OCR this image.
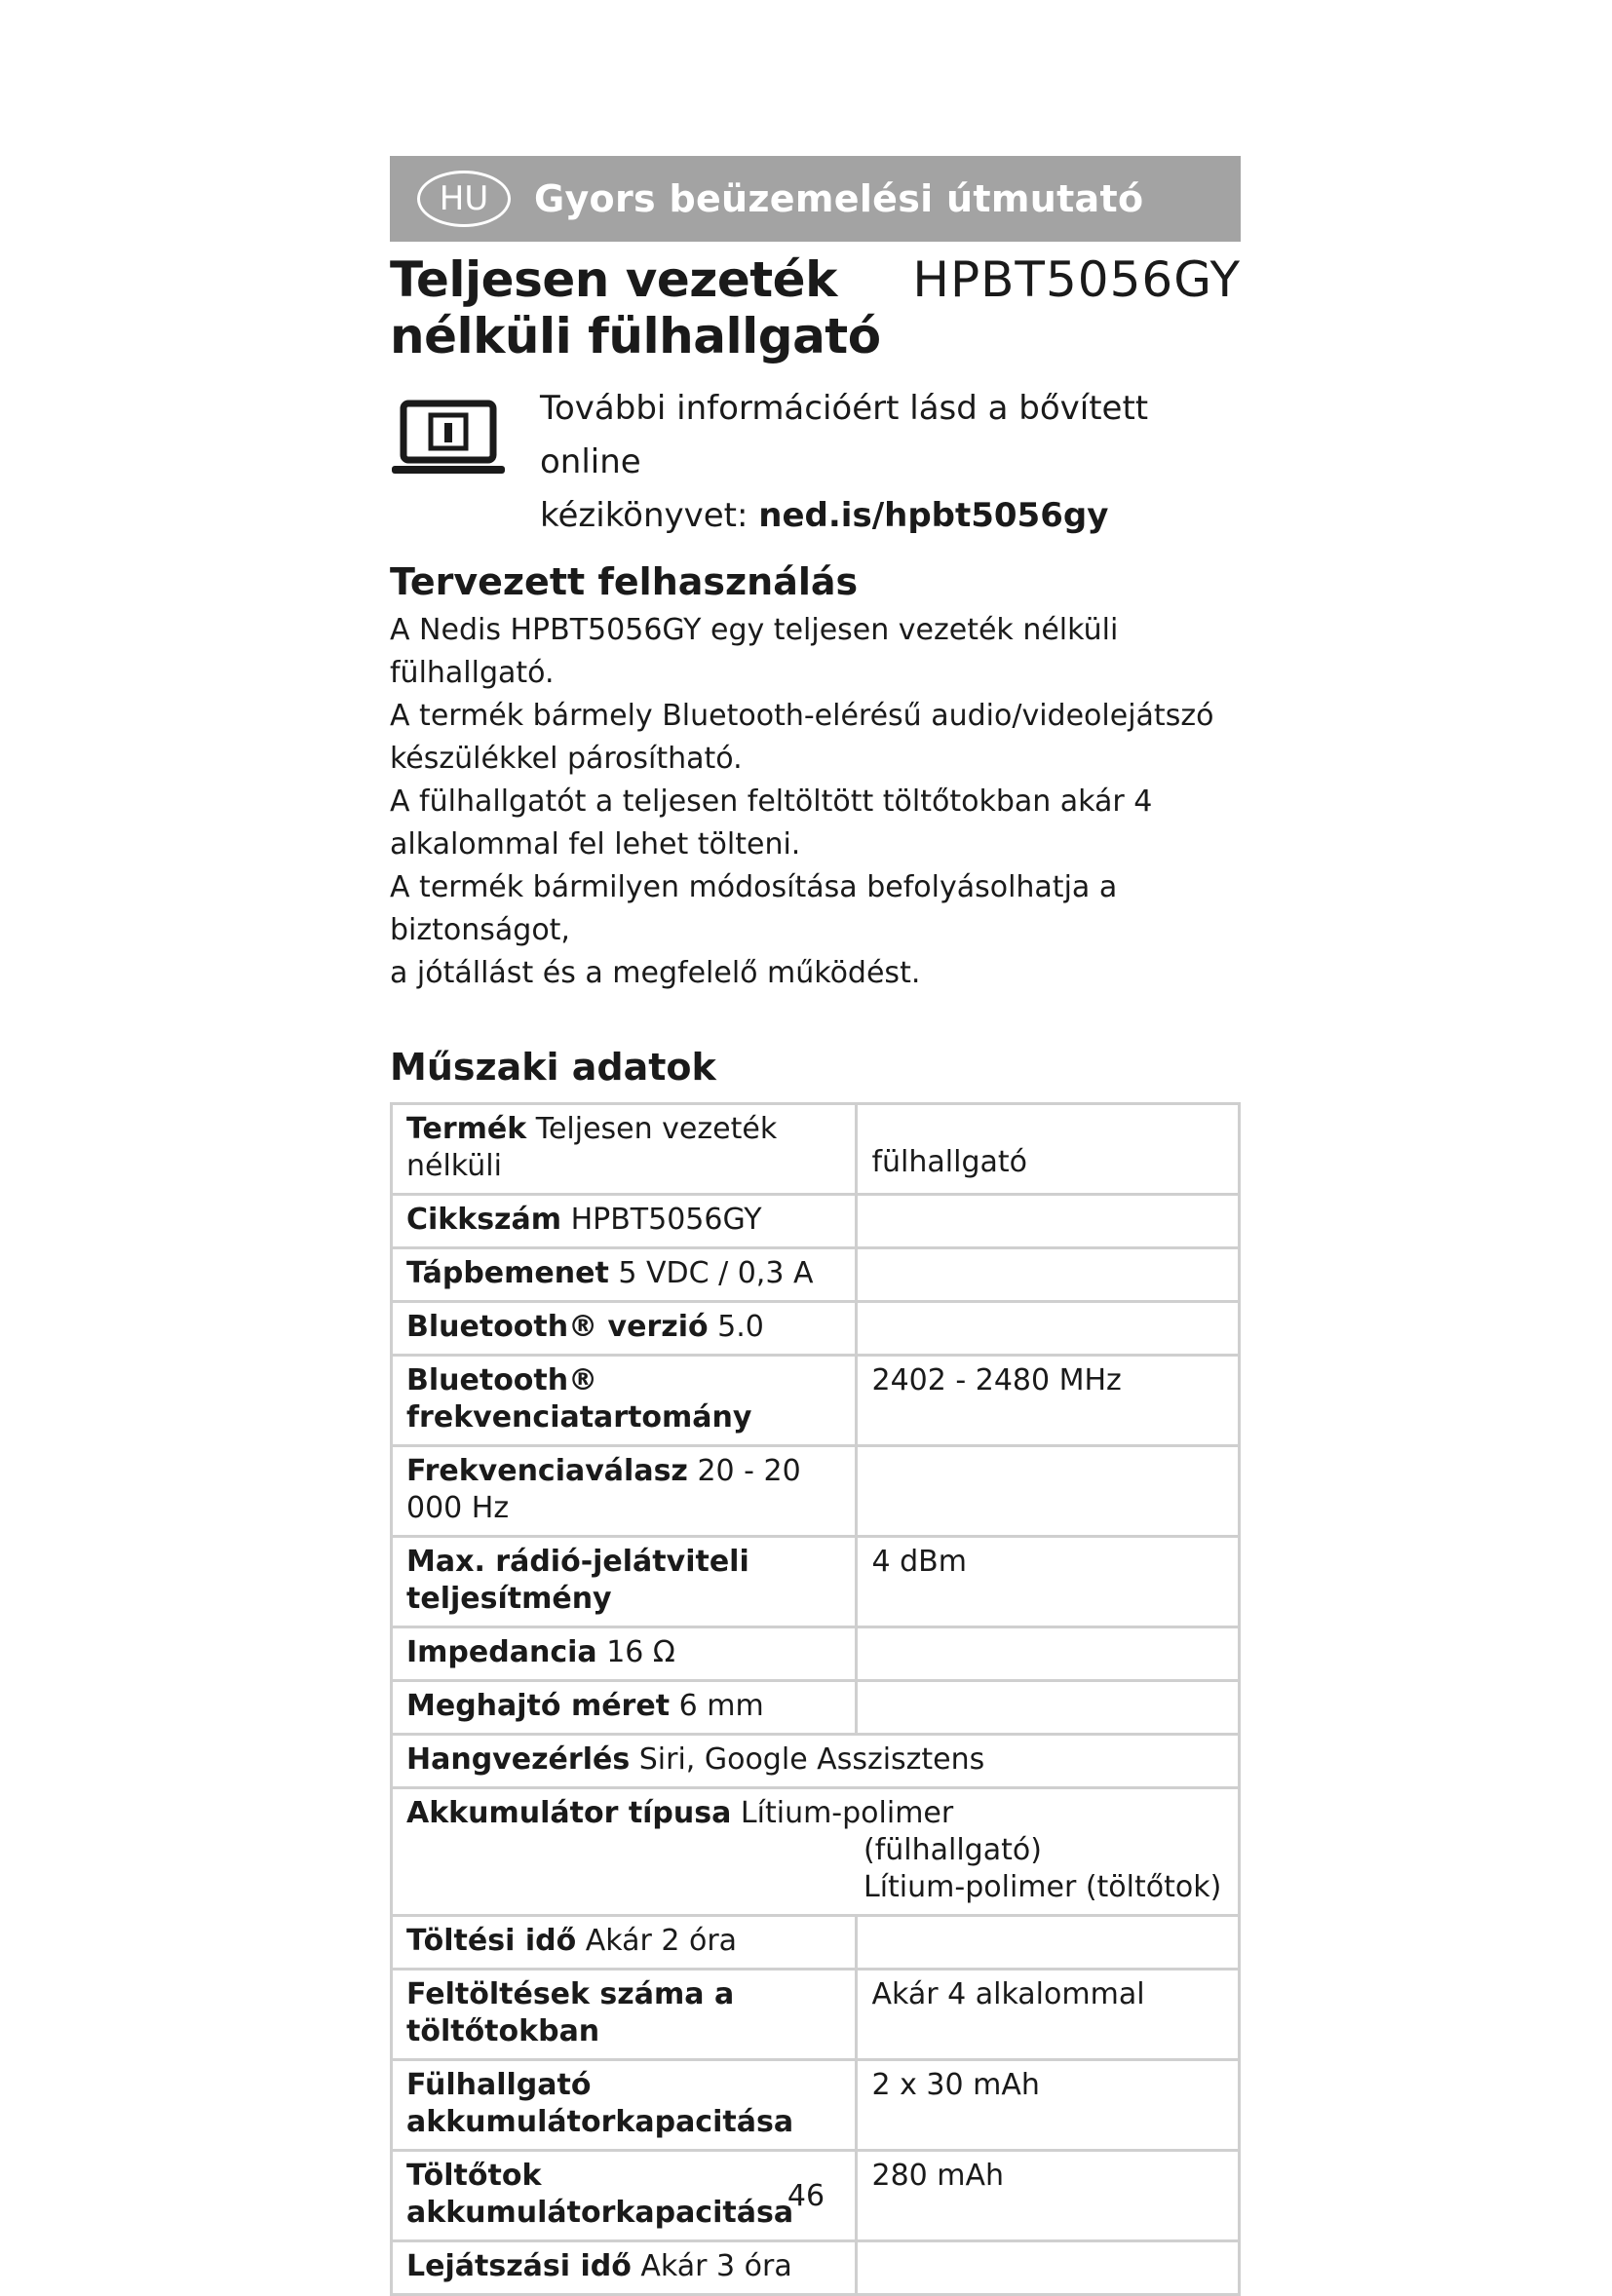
HU	Gyors beüzemelési útmutató
Teljesen vezeték
nélküli fülhallgató
HPBT5056GY
További információért lásd a bővített online
kézikönyvet: ned.is/hpbt5056gy
Tervezett felhasználás
A Nedis HPBT5056GY egy teljesen vezeték nélküli fülhallgató.
A termék bármely Bluetooth-elérésű audio/videolejátszó
készülékkel párosítható.
A fülhallgatót a teljesen feltöltött töltőtokban akár 4
alkalommal fel lehet tölteni.
A termék bármilyen módosítása befolyásolhatja a biztonságot,
a jótállást és a megfelelő működést.
Műszaki adatok
Termék Teljesen vezeték nélküli	fülhallgató
Cikkszám HPBT5056GY	
Tápbemenet 5 VDC / 0,3 A	
Bluetooth® verzió 5.0	

Bluetooth®
frekvenciatartomány	2402 - 2480 MHz
Frekvenciaválasz 20 - 20 000 Hz	

Max. rádió-jelátviteli
teljesítmény	4 dBm
Impedancia 16 Ω	
Meghajtó méret 6 mm	
Hangvezérlés Siri, Google Asszisztens	

Akkumulátor típusa Lítium-polimer
(fülhallgató)
Lítium-polimer (töltőtok)	

Töltési idő Akár 2 óra	

Feltöltések száma a
töltőtokban	Akár 4 alkalommal

Fülhallgató
akkumulátorkapacitása	2 x 30 mAh

Töltőtok
akkumulátorkapacitása	280 mAh
Lejátszási idő Akár 3 óra	
46
